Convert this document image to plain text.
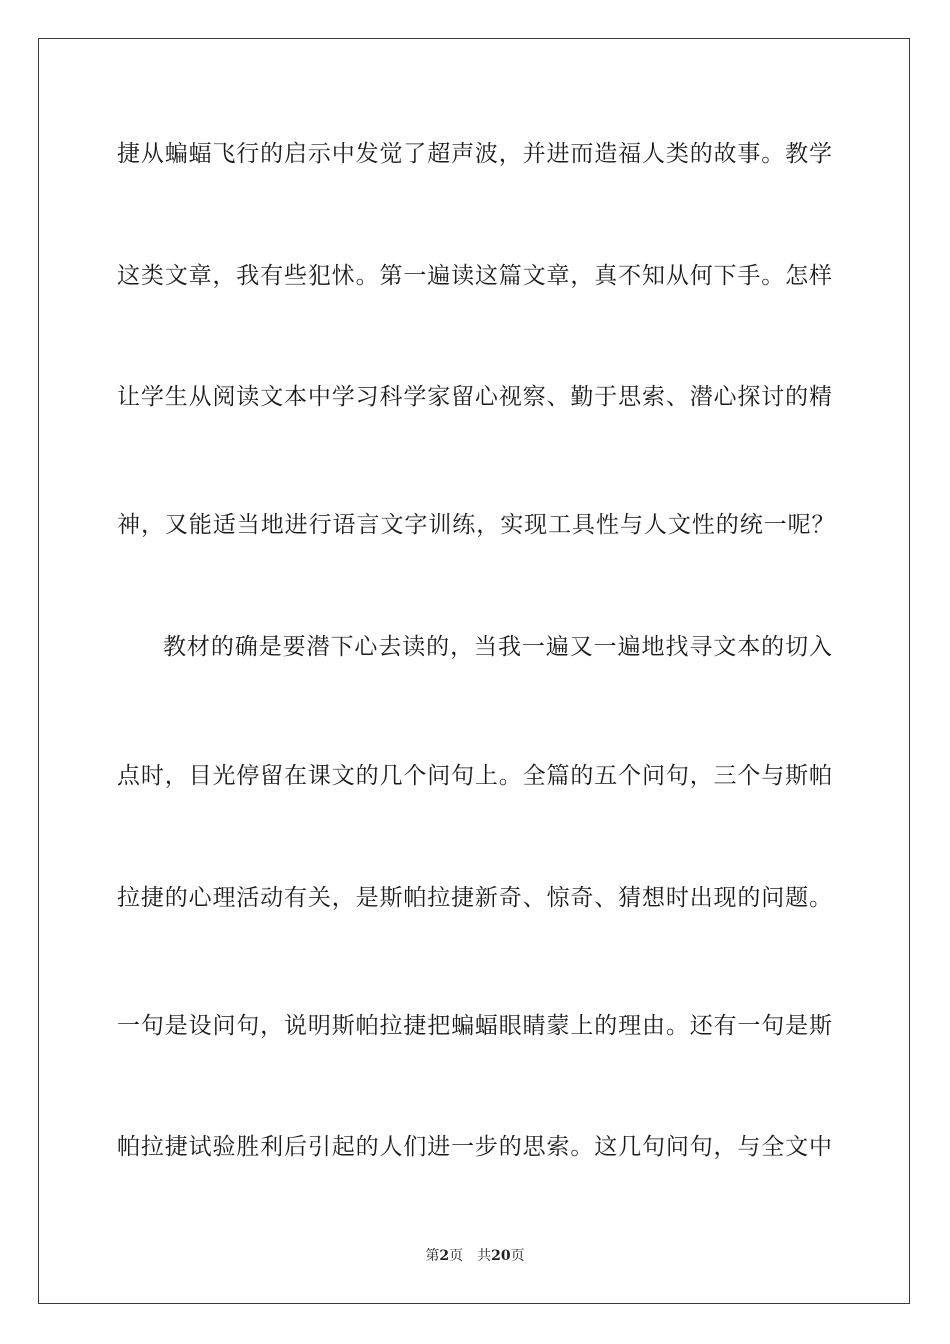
捷从蝙蝠飞行的启示中发觉了超声波，并进而造福人类的故事。教学
这类文章，我有些犯怵。第一遍读这篇文章，真不知从何下手。怎样
让学生从阅读文本中学习科学家留心视察、勤于思索、潜心探讨的精
神，又能适当地进行语言文字训练，实现工具性与人文性的统一呢？
教材的确是要潜下心去读的，当我一遍又一遍地找寻文本的切入
点时，目光停留在课文的几个问句上。全篇的五个问句，三个与斯帕
拉捷的心理活动有关，是斯帕拉捷新奇、惊奇、猜想时出现的问题。
一句是设问句，说明斯帕拉捷把蝙蝠眼睛蒙上的理由。还有一句是斯
帕拉捷试验胜利后引起的人们进一步的思索。这几句问句，与全文中
第2页 共20页
